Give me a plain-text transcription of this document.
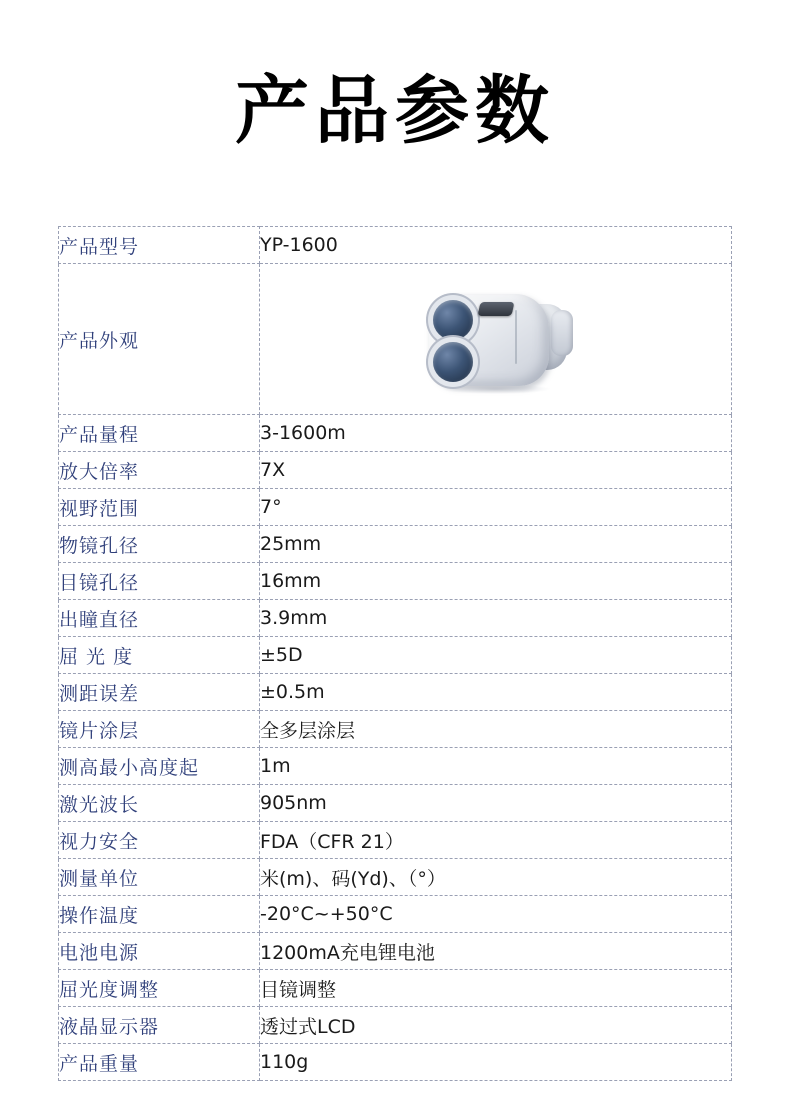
产品参数
产品型号	YP-1600
产品外观	

产品量程	3-1600m
放大倍率	7X
视野范围	7°
物镜孔径	25mm
目镜孔径	16mm
出瞳直径	3.9mm
屈 光 度	±5D
测距误差	±0.5m
镜片涂层	全多层涂层
测高最小高度起	1m
激光波长	905nm
视力安全	FDA（CFR 21）
测量单位	米(m)、码(Yd)、（°）
操作温度	-20°C~+50°C
电池电源	1200mA充电锂电池
屈光度调整	目镜调整
液晶显示器	透过式LCD
产品重量	110g
